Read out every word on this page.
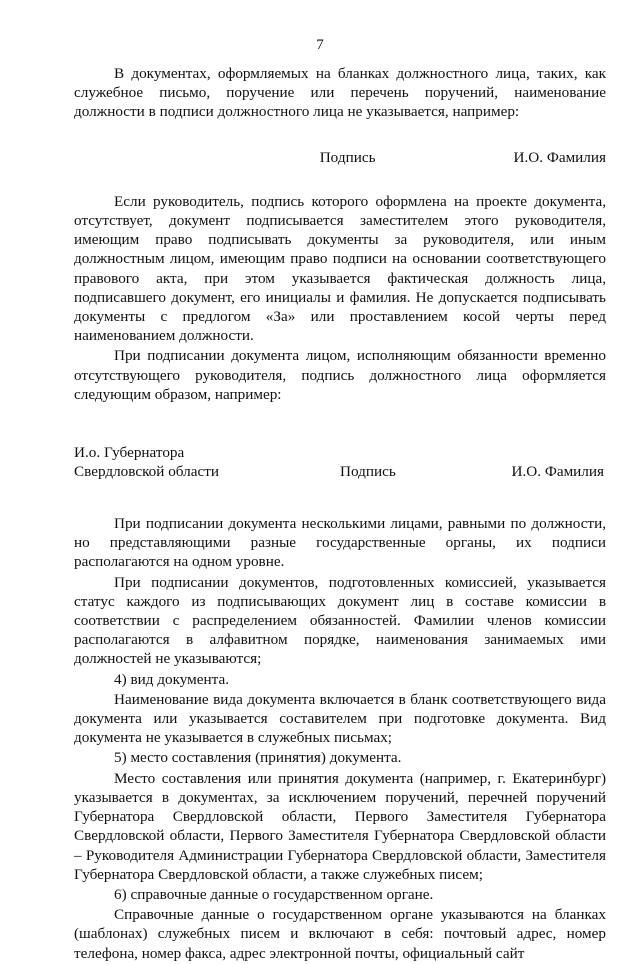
7

В документах, оформляемых на бланках должностного лица, таких, как служебное письмо, поручение или перечень поручений, наименование должности в подписи должностного лица не указывается, например:

Подпись	И.О. Фамилия

Если руководитель, подпись которого оформлена на проекте документа, отсутствует, документ подписывается заместителем этого руководителя, имеющим право подписывать документы за руководителя, или иным должностным лицом, имеющим право подписи на основании соответствующего правового акта, при этом указывается фактическая должность лица, подписавшего документ, его инициалы и фамилия. Не допускается подписывать документы с предлогом «За» или проставлением косой черты перед наименованием должности.

При подписании документа лицом, исполняющим обязанности временно отсутствующего руководителя, подпись должностного лица оформляется следующим образом, например:

И.о. Губернатора
Свердловской области	Подпись	И.О. Фамилия

При подписании документа несколькими лицами, равными по должности, но представляющими разные государственные органы, их подписи располагаются на одном уровне.

При подписании документов, подготовленных комиссией, указывается статус каждого из подписывающих документ лиц в составе комиссии в соответствии с распределением обязанностей. Фамилии членов комиссии располагаются в алфавитном порядке, наименования занимаемых ими должностей не указываются;

4) вид документа.

Наименование вида документа включается в бланк соответствующего вида документа или указывается составителем при подготовке документа. Вид документа не указывается в служебных письмах;

5) место составления (принятия) документа.

Место составления или принятия документа (например, г. Екатеринбург) указывается в документах, за исключением поручений, перечней поручений Губернатора Свердловской области, Первого Заместителя Губернатора Свердловской области, Первого Заместителя Губернатора Свердловской области – Руководителя Администрации Губернатора Свердловской области, Заместителя Губернатора Свердловской области, а также служебных писем;

6) справочные данные о государственном органе.

Справочные данные о государственном органе указываются на бланках (шаблонах) служебных писем и включают в себя: почтовый адрес, номер телефона, номер факса, адрес электронной почты, официальный сайт
